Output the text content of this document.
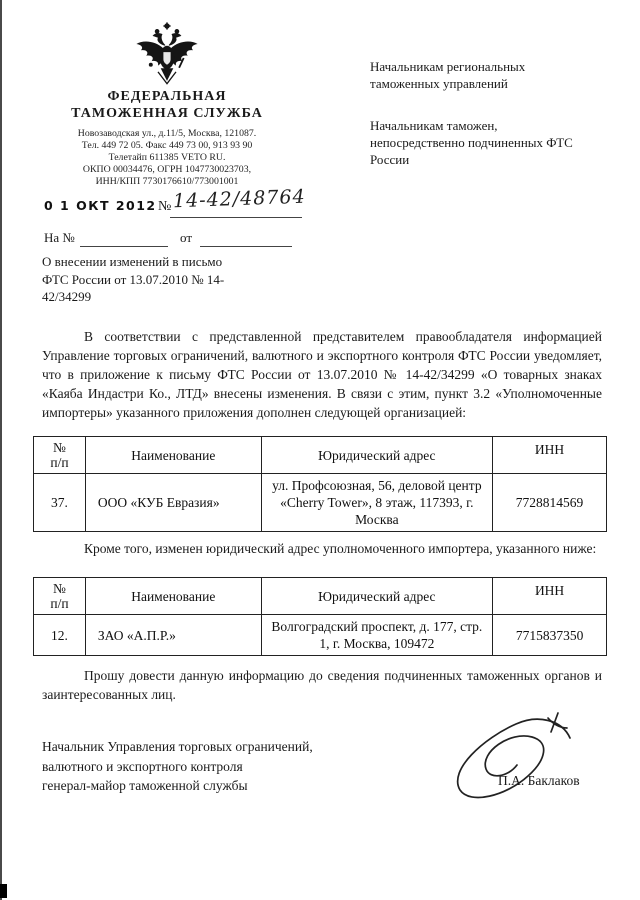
ФЕДЕРАЛЬНАЯ
ТАМОЖЕННАЯ СЛУЖБА
Новозаводская ул., д.11/5, Москва, 121087.
Тел. 449 72 05. Факс 449 73 00, 913 93 90
Телетайп 611385 VETO RU.
ОКПО 00034476, ОГРН 1047730023703,
ИНН/КПП 7730176610/773001001
0 1 ОКТ 2012 № 14-42/48764
На №	от
Начальникам региональных таможенных управлений
Начальникам таможен, непосредственно подчиненных ФТС России
О внесении изменений в письмо ФТС России от 13.07.2010 № 14-42/34299
В соответствии с представленной представителем правообладателя информацией Управление торговых ограничений, валютного и экспортного контроля ФТС России уведомляет, что в приложение к письму ФТС России от 13.07.2010 № 14-42/34299 «О товарных знаках «Каяба Индастри Ко., ЛТД» внесены изменения. В связи с этим, пункт 3.2 «Уполномоченные импортеры» указанного приложения дополнен следующей организацией:
№ п/п	Наименование	Юридический адрес	ИНН
37.	ООО «КУБ Евразия»	ул. Профсоюзная, 56, деловой центр «Cherry Tower», 8 этаж, 117393, г. Москва	7728814569
Кроме того, изменен юридический адрес уполномоченного импортера, указанного ниже:
№ п/п	Наименование	Юридический адрес	ИНН
12.	ЗАО «А.П.Р.»	Волгоградский проспект, д. 177, стр. 1, г. Москва, 109472	7715837350
Прошу довести данную информацию до сведения подчиненных таможенных органов и заинтересованных лиц.
Начальник Управления торговых ограничений,
валютного и экспортного контроля
генерал-майор таможенной службы	П.А. Баклаков
